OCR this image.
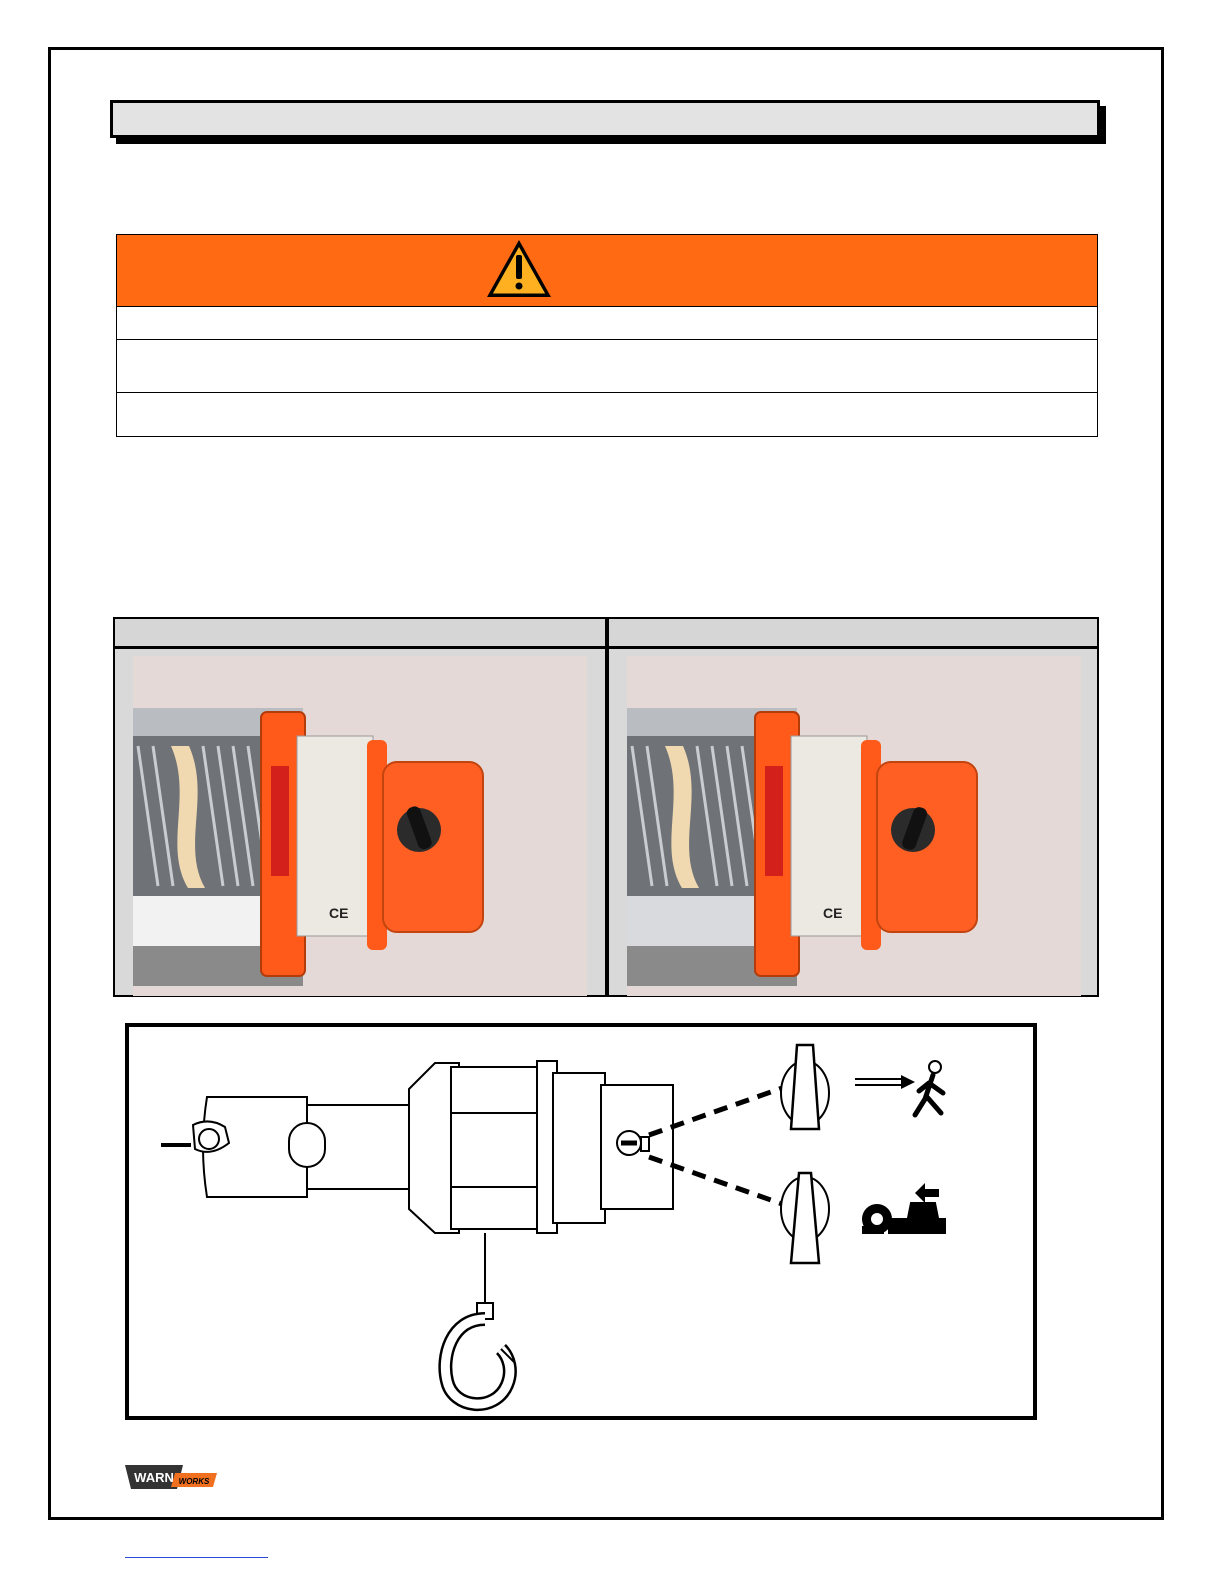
CE	CE
WARN WORKS
